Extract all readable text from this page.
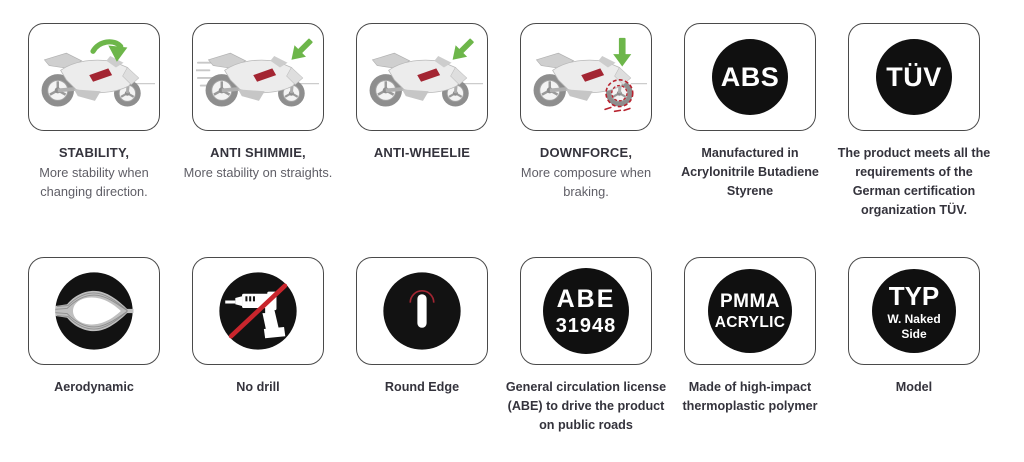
STABILITY,
More stability when changing direction.
ANTI SHIMMIE,
More stability on straights.
ANTI-WHEELIE	DOWNFORCE,
More composure when braking.
ABS
Manufactured in Acrylonitrile Butadiene Styrene
TÜV
The product meets all the requirements of the German certification organization TÜV.
Aerodynamic	No drill	Round Edge
ABE
31948
General circulation license (ABE) to drive the product on public roads
PMMA
ACRYLIC
Made of high-impact thermoplastic polymer
TYP
W. Naked
Side
Model
